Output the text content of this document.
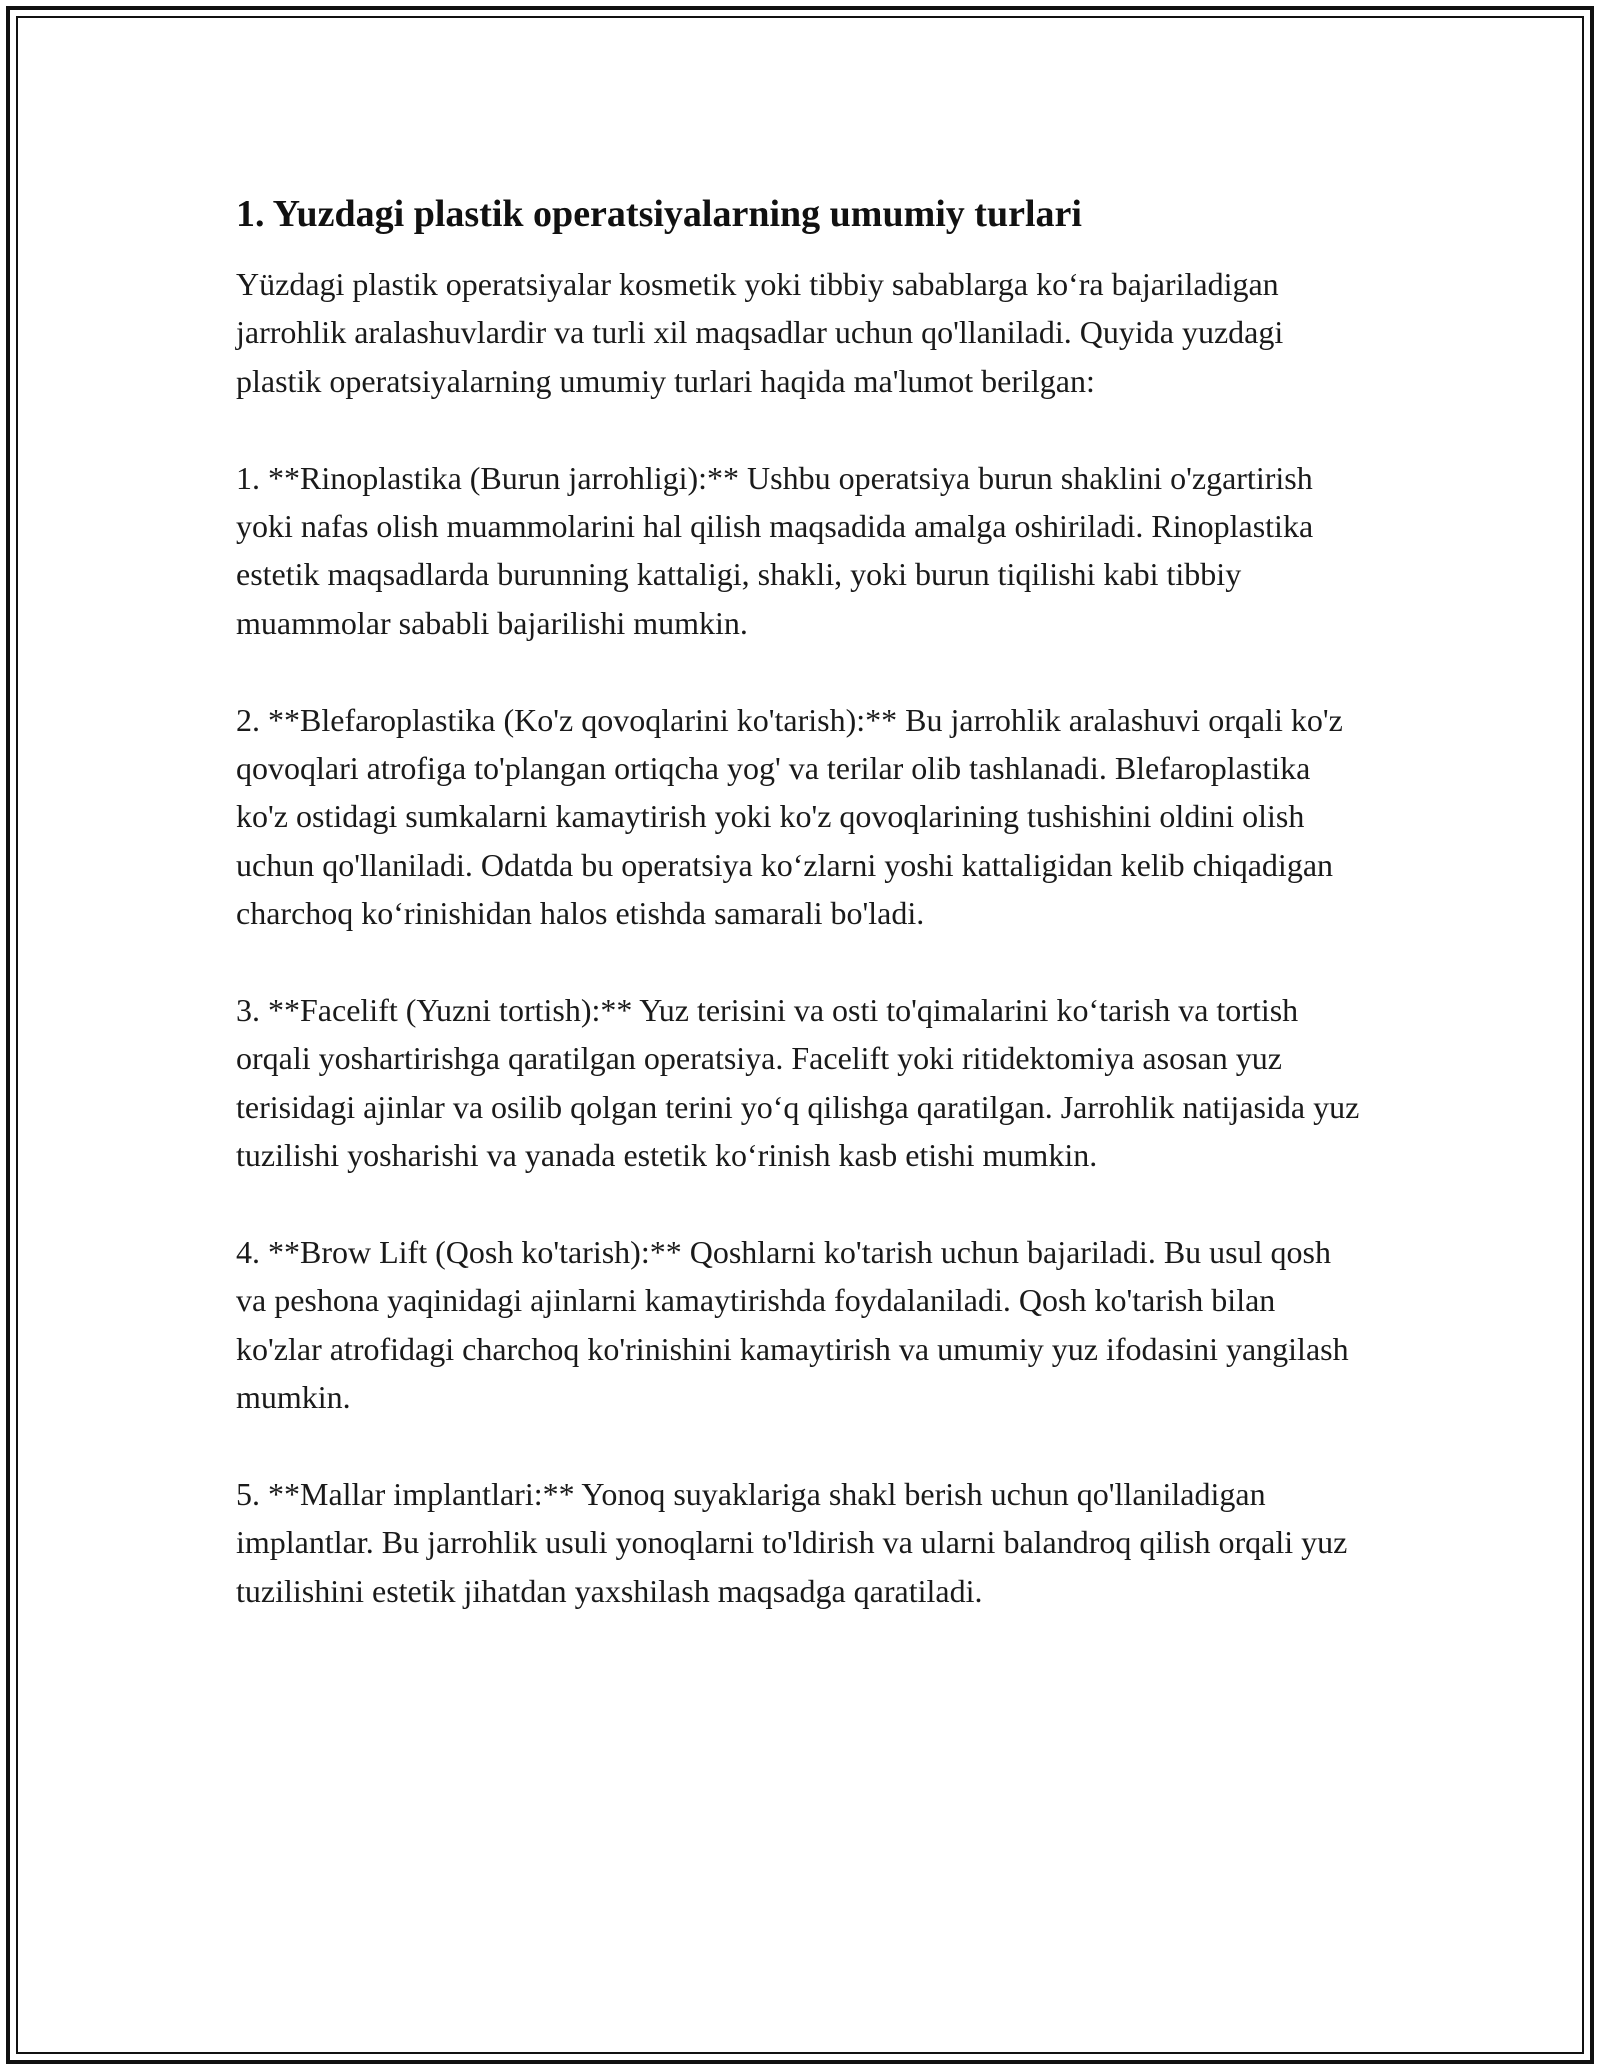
1. Yuzdagi plastik operatsiyalarning umumiy turlari

Yüzdagi plastik operatsiyalar kosmetik yoki tibbiy sabablarga ko‘ra bajariladigan jarrohlik aralashuvlardir va turli xil maqsadlar uchun qo'llaniladi. Quyida yuzdagi plastik operatsiyalarning umumiy turlari haqida ma'lumot berilgan:

1. **Rinoplastika (Burun jarrohligi):** Ushbu operatsiya burun shaklini o'zgartirish yoki nafas olish muammolarini hal qilish maqsadida amalga oshiriladi. Rinoplastika estetik maqsadlarda burunning kattaligi, shakli, yoki burun tiqilishi kabi tibbiy muammolar sababli bajarilishi mumkin.

2. **Blefaroplastika (Ko'z qovoqlarini ko'tarish):** Bu jarrohlik aralashuvi orqali ko'z qovoqlari atrofiga to'plangan ortiqcha yog' va terilar olib tashlanadi. Blefaroplastika ko'z ostidagi sumkalarni kamaytirish yoki ko'z qovoqlarining tushishini oldini olish uchun qo'llaniladi. Odatda bu operatsiya ko‘zlarni yoshi kattaligidan kelib chiqadigan charchoq ko‘rinishidan halos etishda samarali bo'ladi.

3. **Facelift (Yuzni tortish):** Yuz terisini va osti to'qimalarini ko‘tarish va tortish orqali yoshartirishga qaratilgan operatsiya. Facelift yoki ritidektomiya asosan yuz terisidagi ajinlar va osilib qolgan terini yo‘q qilishga qaratilgan. Jarrohlik natijasida yuz tuzilishi yosharishi va yanada estetik ko‘rinish kasb etishi mumkin.

4. **Brow Lift (Qosh ko'tarish):** Qoshlarni ko'tarish uchun bajariladi. Bu usul qosh va peshona yaqinidagi ajinlarni kamaytirishda foydalaniladi. Qosh ko'tarish bilan ko'zlar atrofidagi charchoq ko'rinishini kamaytirish va umumiy yuz ifodasini yangilash mumkin.

5. **Mallar implantlari:** Yonoq suyaklariga shakl berish uchun qo'llaniladigan implantlar. Bu jarrohlik usuli yonoqlarni to'ldirish va ularni balandroq qilish orqali yuz tuzilishini estetik jihatdan yaxshilash maqsadga qaratiladi.
